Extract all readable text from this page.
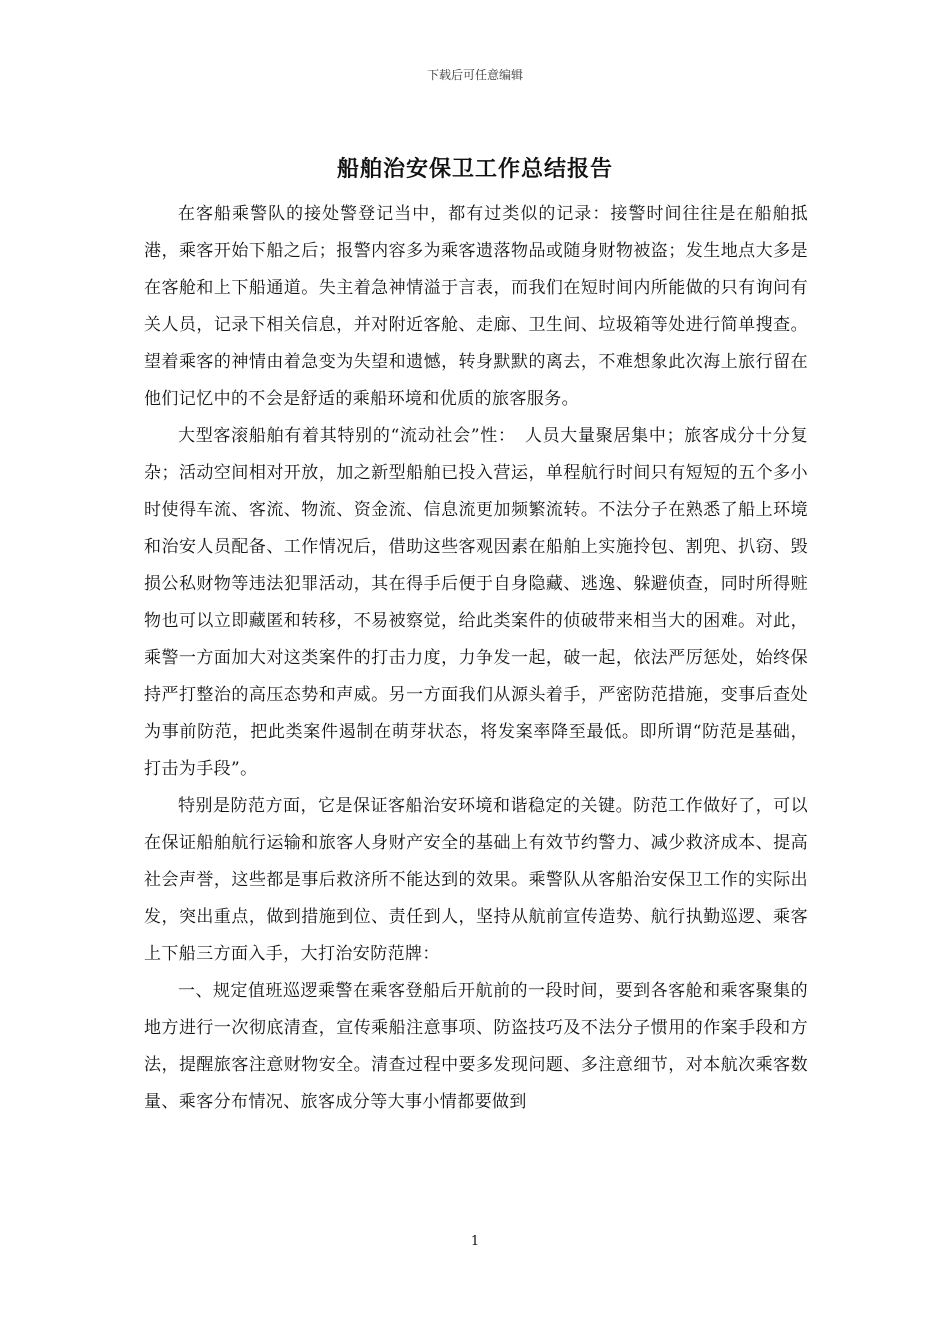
下载后可任意编辑
船舶治安保卫工作总结报告

在客船乘警队的接处警登记当中，都有过类似的记录：接警时间往往是在船舶抵港，乘客开始下船之后；报警内容多为乘客遗落物品或随身财物被盗；发生地点大多是在客舱和上下船通道。失主着急神情溢于言表，而我们在短时间内所能做的只有询问有关人员，记录下相关信息，并对附近客舱、走廊、卫生间、垃圾箱等处进行简单搜查。望着乘客的神情由着急变为失望和遗憾，转身默默的离去，不难想象此次海上旅行留在他们记忆中的不会是舒适的乘船环境和优质的旅客服务。

大型客滚船舶有着其特别的“流动社会”性：　人员大量聚居集中；旅客成分十分复杂；活动空间相对开放，加之新型船舶已投入营运，单程航行时间只有短短的五个多小时使得车流、客流、物流、资金流、信息流更加频繁流转。不法分子在熟悉了船上环境和治安人员配备、工作情况后，借助这些客观因素在船舶上实施拎包、割兜、扒窃、毁损公私财物等违法犯罪活动，其在得手后便于自身隐藏、逃逸、躲避侦查，同时所得赃物也可以立即藏匿和转移，不易被察觉，给此类案件的侦破带来相当大的困难。对此，乘警一方面加大对这类案件的打击力度，力争发一起，破一起，依法严厉惩处，始终保持严打整治的高压态势和声威。另一方面我们从源头着手，严密防范措施，变事后查处为事前防范，把此类案件遏制在萌芽状态，将发案率降至最低。即所谓“防范是基础，打击为手段”。

特别是防范方面，它是保证客船治安环境和谐稳定的关键。防范工作做好了，可以在保证船舶航行运输和旅客人身财产安全的基础上有效节约警力、减少救济成本、提高社会声誉，这些都是事后救济所不能达到的效果。乘警队从客船治安保卫工作的实际出发，突出重点，做到措施到位、责任到人，坚持从航前宣传造势、航行执勤巡逻、乘客上下船三方面入手，大打治安防范牌：

一、规定值班巡逻乘警在乘客登船后开航前的一段时间，要到各客舱和乘客聚集的地方进行一次彻底清查，宣传乘船注意事项、防盗技巧及不法分子惯用的作案手段和方法，提醒旅客注意财物安全。清查过程中要多发现问题、多注意细节，对本航次乘客数量、乘客分布情况、旅客成分等大事小情都要做到

1
